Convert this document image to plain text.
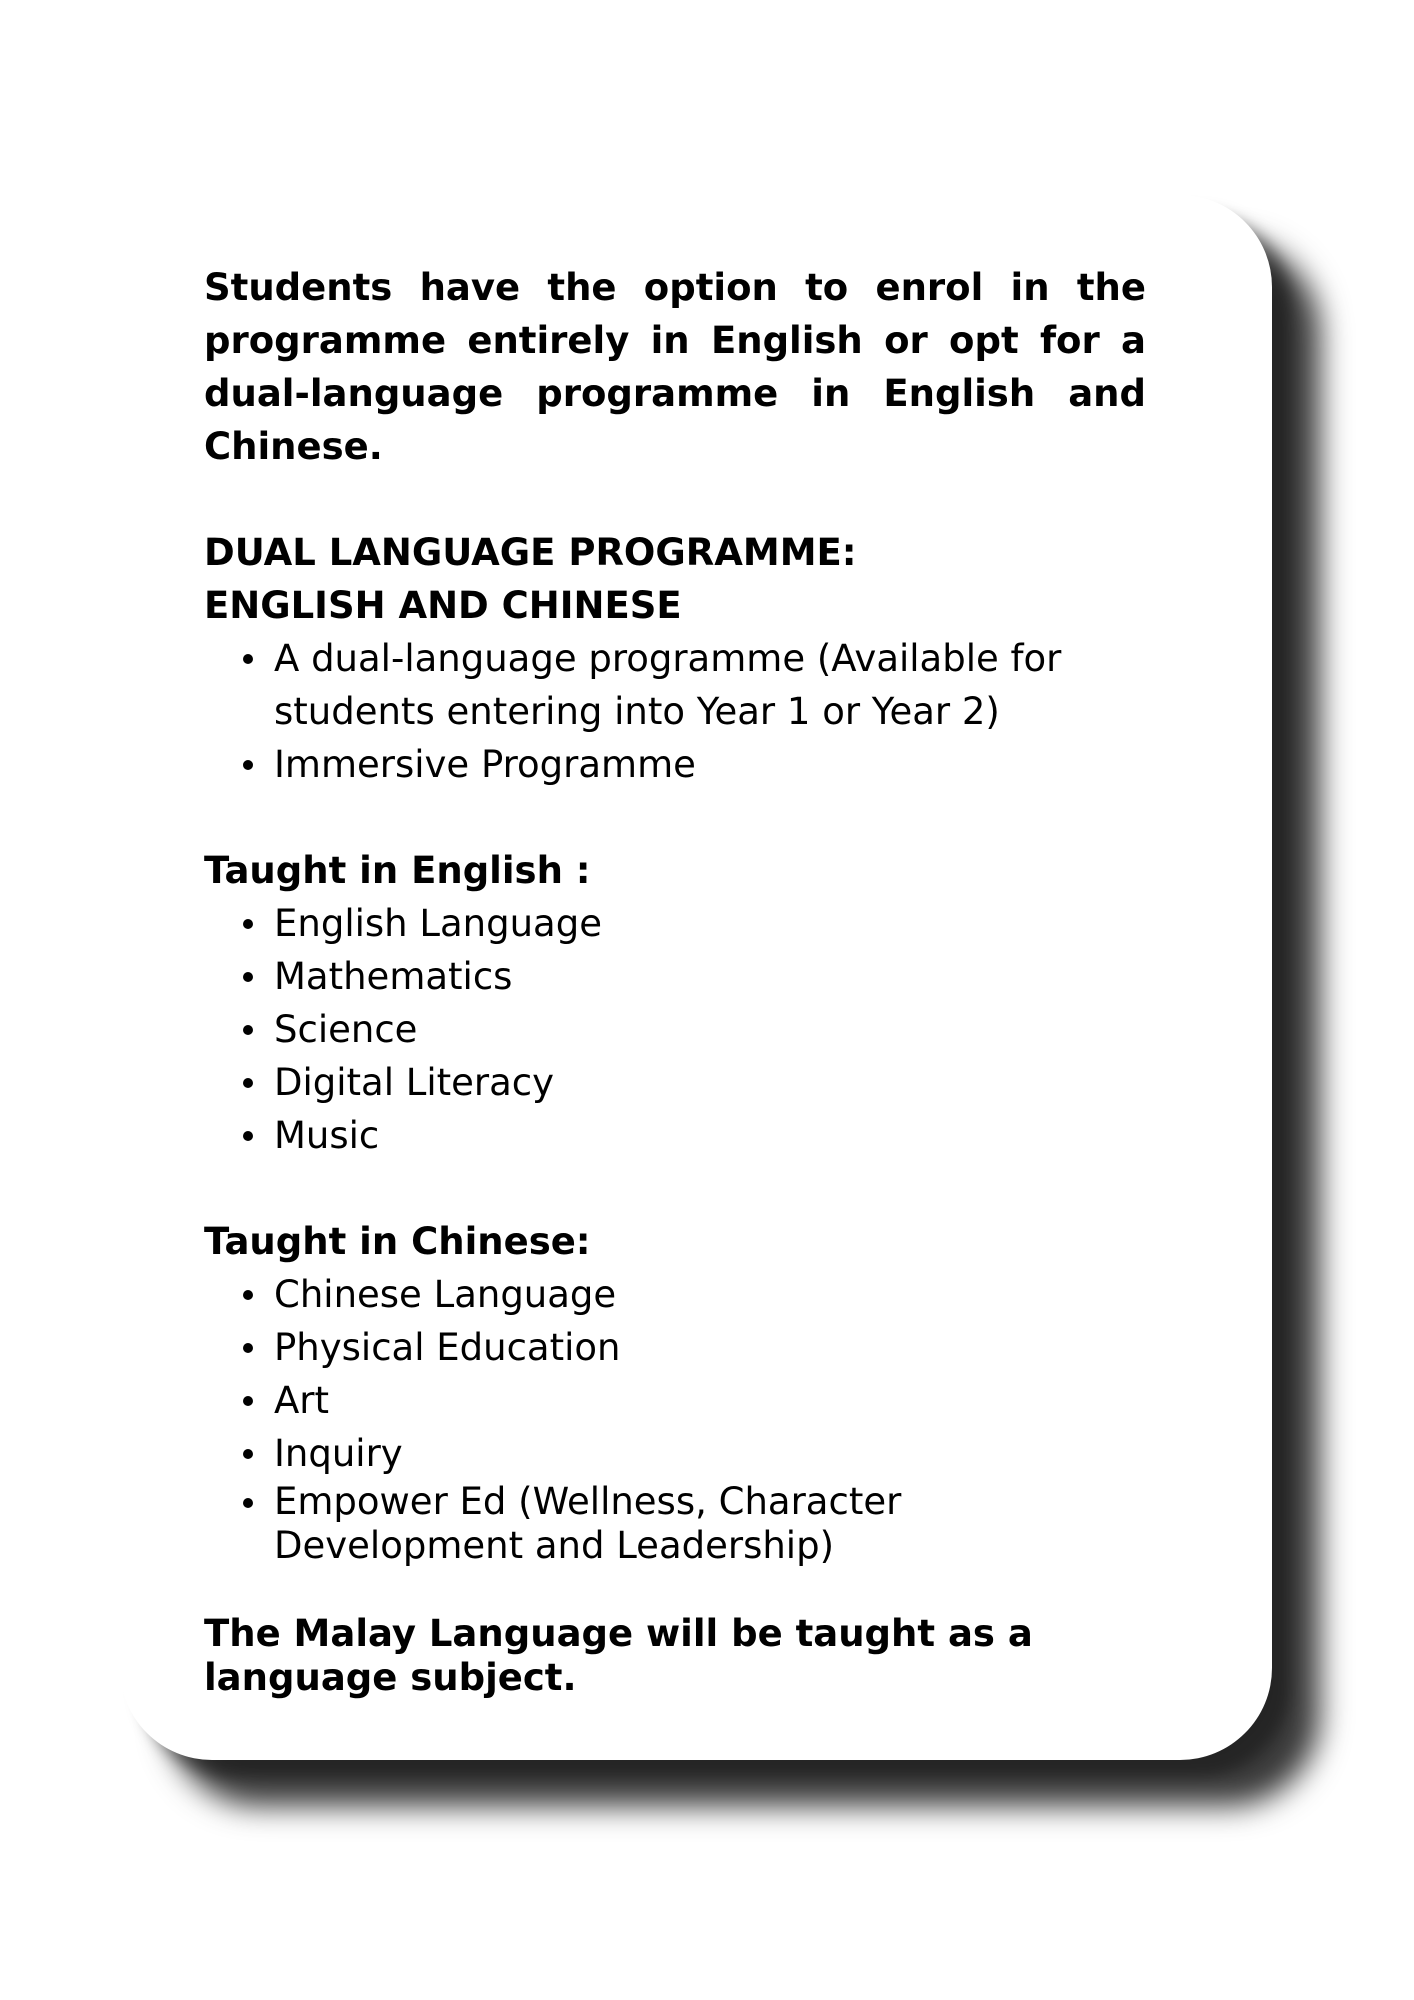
Students have the option to enrol in the programme entirely in English or opt for a dual-language programme in English and Chinese.

DUAL LANGUAGE PROGRAMME:
ENGLISH AND CHINESE
A dual-language programme (Available for students entering into Year 1 or Year 2)
Immersive Programme
Taught in English :
English Language
Mathematics
Science
Digital Literacy
Music
Taught in Chinese:
Chinese Language
Physical Education
Art
Inquiry
Empower Ed (Wellness, Character Development and Leadership)

The Malay Language will be taught as a language subject.
